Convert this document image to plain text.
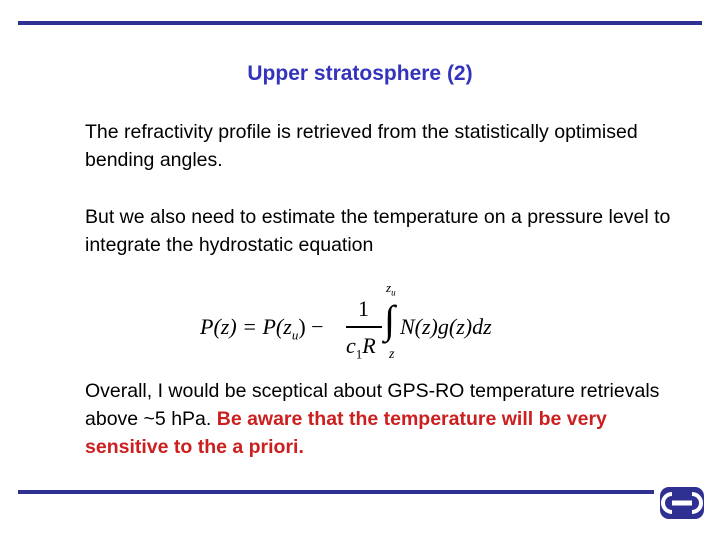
Upper stratosphere (2)
The refractivity profile is retrieved from the statistically optimised bending angles.
But we also need to estimate the temperature on a pressure level to integrate the hydrostatic equation
$P(z) = P(z_u)$ −
1
$c_1R$
$z_u$
∫
z
N(z)g(z)dz
Overall, I would be sceptical about GPS-RO temperature retrievals above ~5 hPa. Be aware that the temperature will be very sensitive to the a priori.
